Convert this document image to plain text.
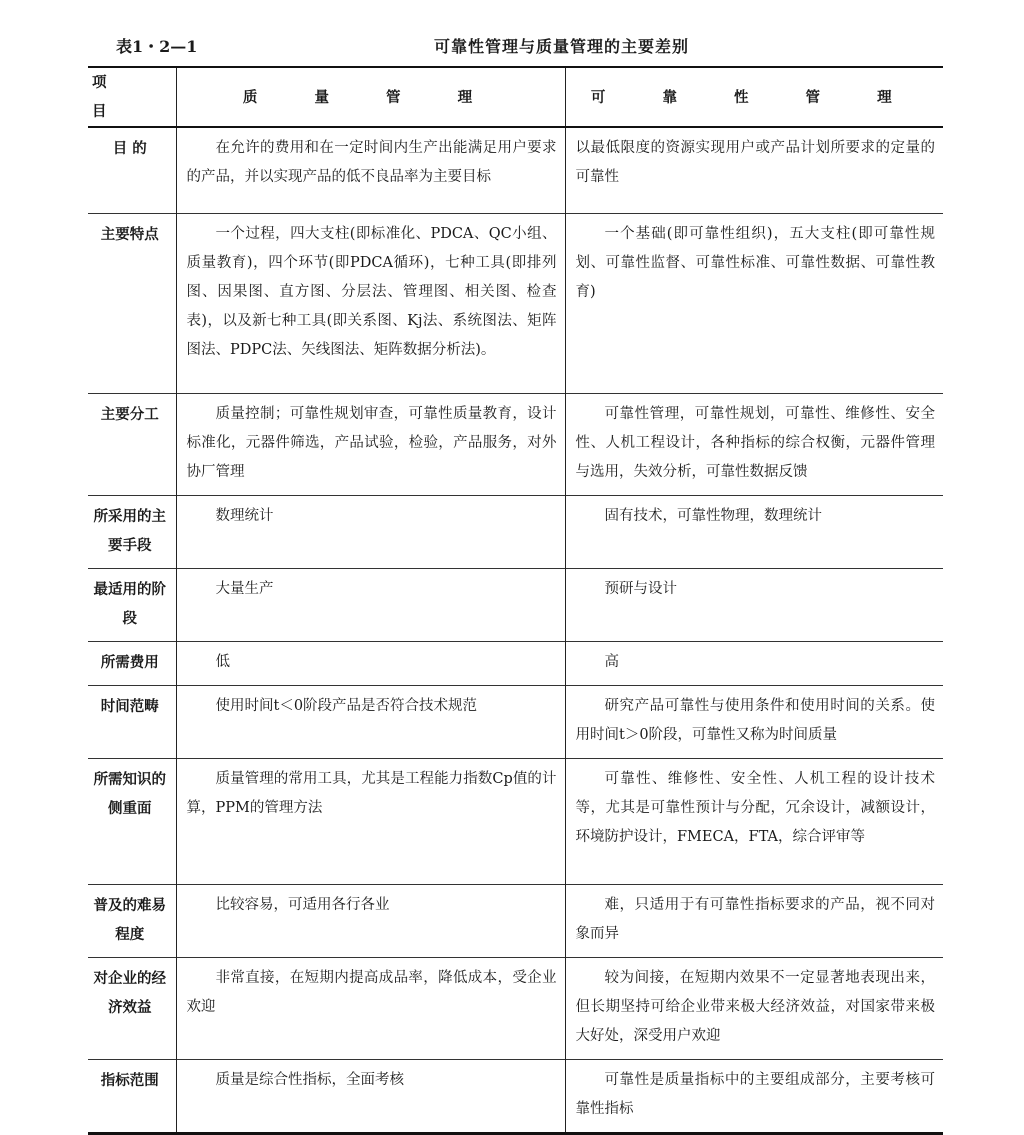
表1・2—1	可靠性管理与质量管理的主要差别
项 目	质 量 管 理	可 靠 性 管 理
目 的	在允许的费用和在一定时间内生产出能满足用户要求的产品，并以实现产品的低不良品率为主要目标	以最低限度的资源实现用户或产品计划所要求的定量的可靠性
主要特点	一个过程，四大支柱(即标准化、PDCA、QC小组、质量教育)，四个环节(即PDCA循环)，七种工具(即排列图、因果图、直方图、分层法、管理图、相关图、检查表)，以及新七种工具(即关系图、Kj法、系统图法、矩阵图法、PDPC法、矢线图法、矩阵数据分析法)。	一个基础(即可靠性组织)，五大支柱(即可靠性规划、可靠性监督、可靠性标准、可靠性数据、可靠性教育)
主要分工	质量控制；可靠性规划审查，可靠性质量教育，设计标准化，元器件筛选，产品试验，检验，产品服务，对外协厂管理	可靠性管理，可靠性规划，可靠性、维修性、安全性、人机工程设计，各种指标的综合权衡，元器件管理与选用，失效分析，可靠性数据反馈
所采用的主要手段	数理统计	固有技术，可靠性物理，数理统计
最适用的阶段	大量生产	预研与设计
所需费用	低	高
时间范畴	使用时间t＜0阶段产品是否符合技术规范	研究产品可靠性与使用条件和使用时间的关系。使用时间t＞0阶段，可靠性又称为时间质量
所需知识的侧重面	质量管理的常用工具，尤其是工程能力指数Cp值的计算，PPM的管理方法	可靠性、维修性、安全性、人机工程的设计技术等，尤其是可靠性预计与分配，冗余设计，减额设计，环境防护设计，FMECA，FTA，综合评审等
普及的难易程度	比较容易，可适用各行各业	难，只适用于有可靠性指标要求的产品，视不同对象而异
对企业的经济效益	非常直接，在短期内提高成品率，降低成本，受企业欢迎	较为间接，在短期内效果不一定显著地表现出来，但长期坚持可给企业带来极大经济效益，对国家带来极大好处，深受用户欢迎
指标范围	质量是综合性指标，全面考核	可靠性是质量指标中的主要组成部分，主要考核可靠性指标
